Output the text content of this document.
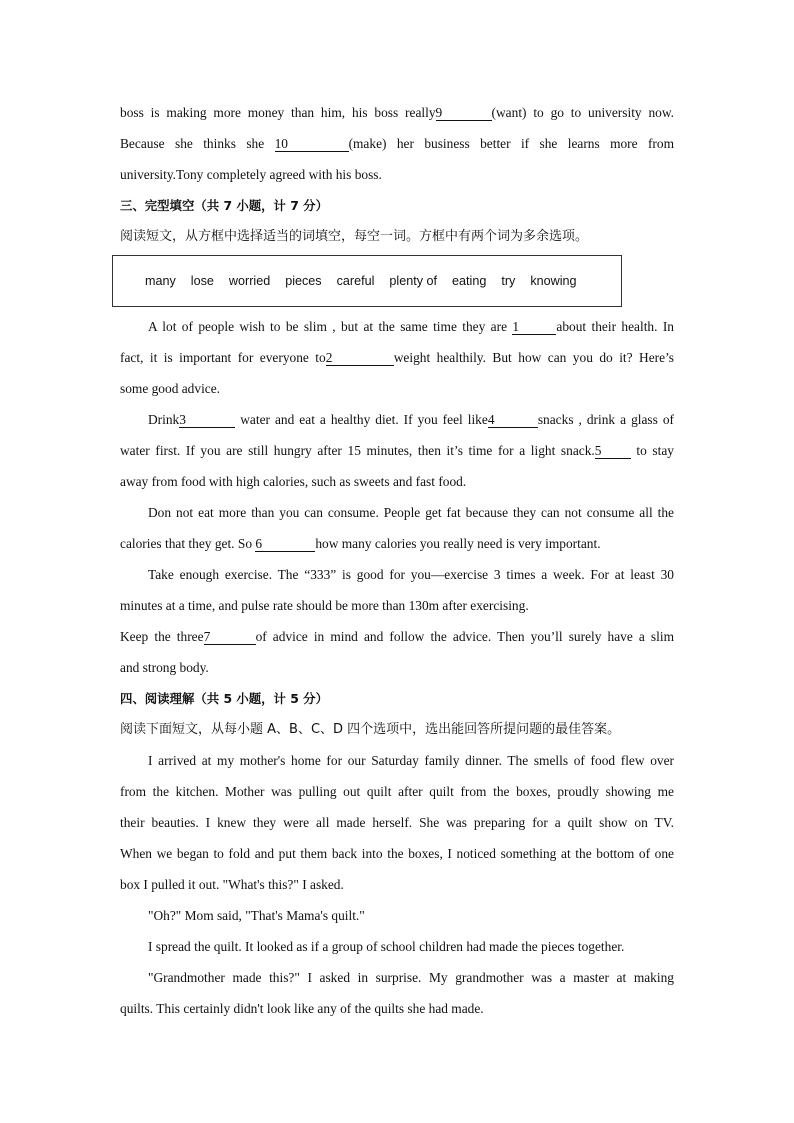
boss is making more money than him, his boss really9	(want) to go to university now.
Because she thinks she 10	(make) her business better if she learns more from
university.Tony completely agreed with his boss.
三、完型填空（共 7 小题，计 7 分）
阅读短文，从方框中选择适当的词填空，每空一词。方框中有两个词为多余选项。
many lose worried pieces careful plenty of eating try knowing
A lot of people wish to be slim , but at the same time they are 1	about their health. In
fact, it is important for everyone to2	weight healthily. But how can you do it? Here’s
some good advice.
Drink3	water and eat a healthy diet. If you feel like4	snacks , drink a glass of
water first. If you are still hungry after 15 minutes, then it’s time for a light snack.5 to stay
away from food with high calories, such as sweets and fast food.
Don not eat more than you can consume. People get fat because they can not consume all the
calories that they get. So 6	how many calories you really need is very important.
Take enough exercise. The “333” is good for you—exercise 3 times a week. For at least 30
minutes at a time, and pulse rate should be more than 130m after exercising.
Keep the three7	of advice in mind and follow the advice. Then you’ll surely have a slim
and strong body.
四、阅读理解（共 5 小题，计 5 分）
阅读下面短文，从每小题 A、B、C、D 四个选项中，选出能回答所提问题的最佳答案。
I arrived at my mother's home for our Saturday family dinner. The smells of food flew over
from the kitchen. Mother was pulling out quilt after quilt from the boxes, proudly showing me
their beauties. I knew they were all made herself. She was preparing for a quilt show on TV.
When we began to fold and put them back into the boxes, I noticed something at the bottom of one
box I pulled it out. "What's this?" I asked.
"Oh?" Mom said, "That's Mama's quilt."
I spread the quilt. It looked as if a group of school children had made the pieces together.
"Grandmother made this?" I asked in surprise. My grandmother was a master at making
quilts. This certainly didn't look like any of the quilts she had made.
